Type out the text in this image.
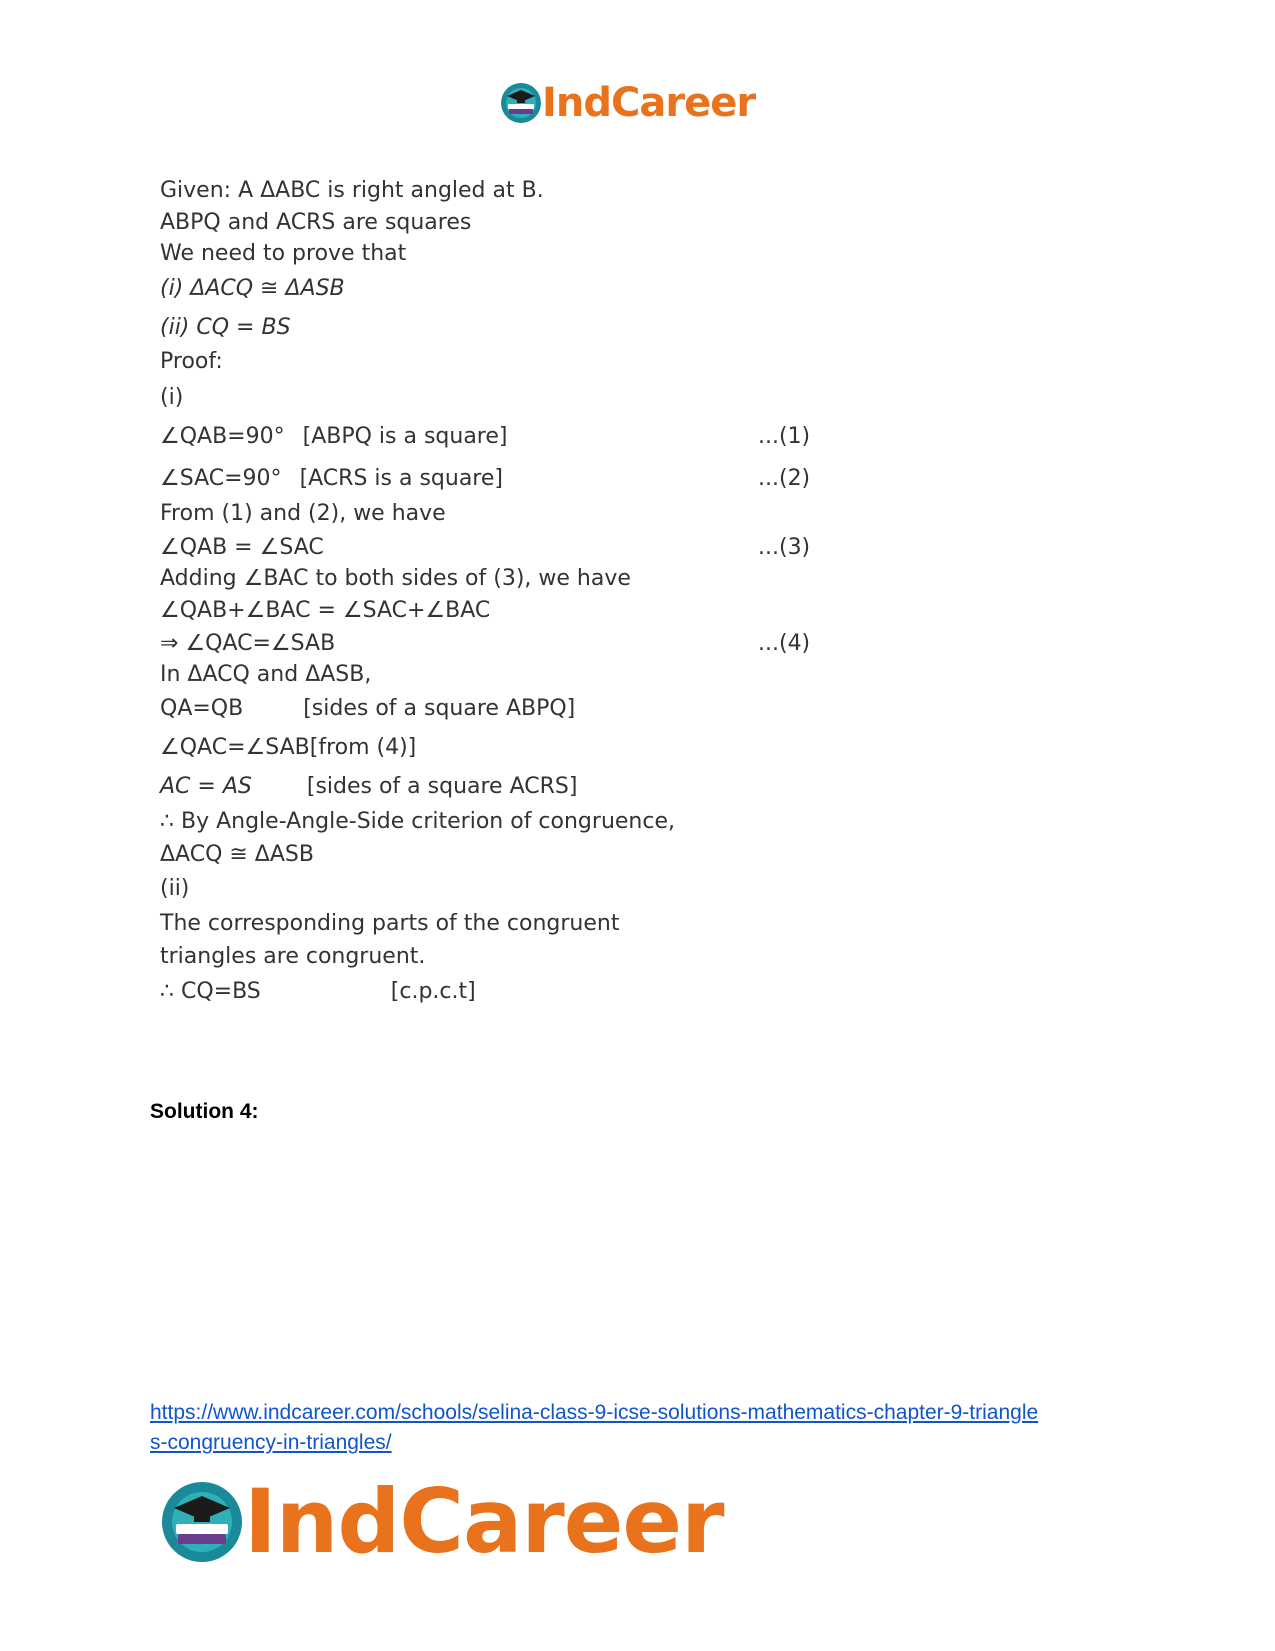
IndCareer
Given: A ΔABC is right angled at B.
ABPQ and ACRS are squares
We need to prove that
(i) ΔACQ ≅ ΔASB
(ii) CQ = BS
Proof:
(i)
∠QAB=90° [ABPQ is a square]	...(1)
∠SAC=90° [ACRS is a square]	...(2)
From (1) and (2), we have
∠QAB = ∠SAC	...(3)
Adding ∠BAC to both sides of (3), we have
∠QAB+∠BAC = ∠SAC+∠BAC
⇒ ∠QAC=∠SAB	...(4)
In ΔACQ and ΔASB,
QA=QB	[sides of a square ABPQ]
∠QAC=∠SAB[from (4)]
AC = AS	[sides of a square ACRS]
∴ By Angle-Angle-Side criterion of congruence,
ΔACQ ≅ ΔASB
(ii)
The corresponding parts of the congruent
triangles are congruent.
∴ CQ=BS	[c.p.c.t]
Solution 4:
https://www.indcareer.com/schools/selina-class-9-icse-solutions-mathematics-chapter-9-triangle
s-congruency-in-triangles/
IndCareer
